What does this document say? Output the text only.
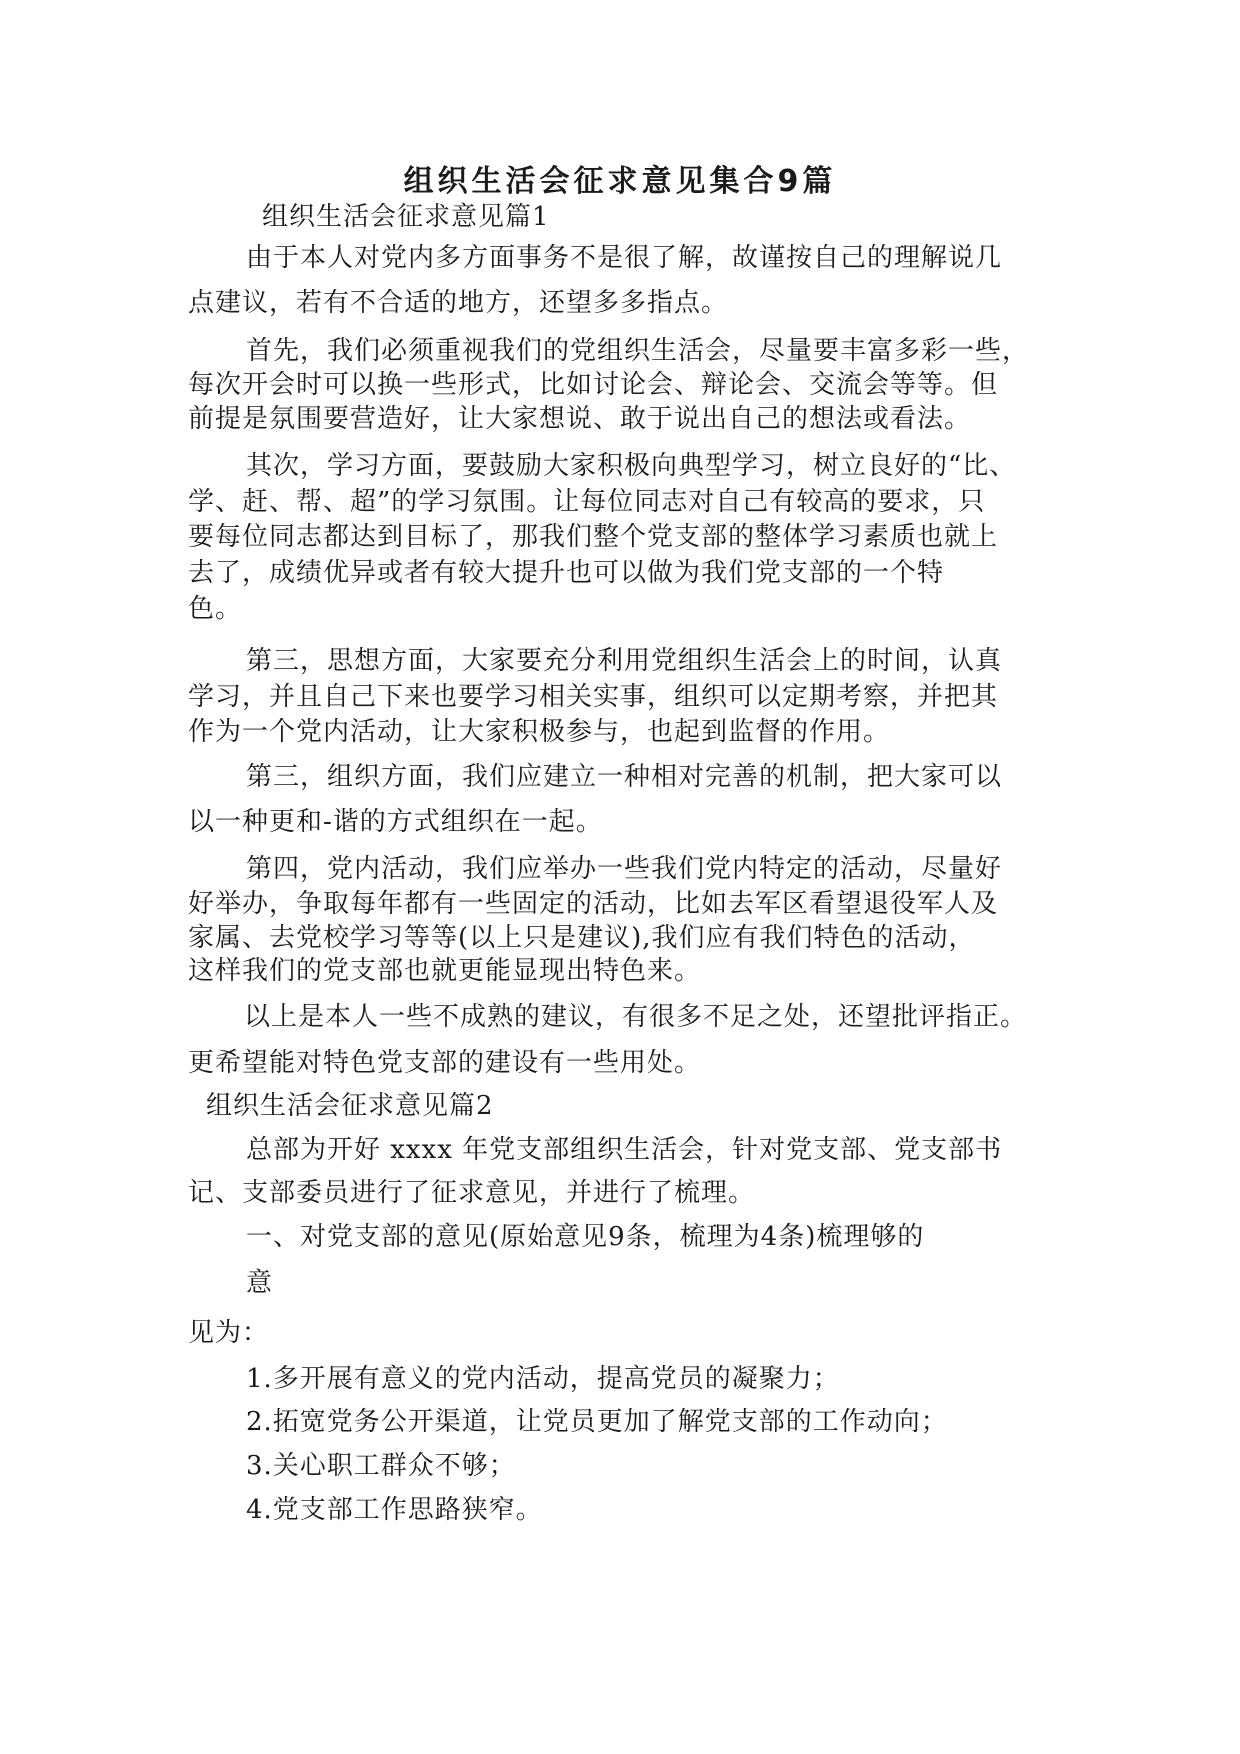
组织生活会征求意见集合9篇
组织生活会征求意见篇1
由于本人对党内多方面事务不是很了解，故谨按自己的理解说几
点建议，若有不合适的地方，还望多多指点。
首先，我们必须重视我们的党组织生活会，尽量要丰富多彩一些，
每次开会时可以换一些形式，比如讨论会、辩论会、交流会等等。但
前提是氛围要营造好，让大家想说、敢于说出自己的想法或看法。
其次，学习方面，要鼓励大家积极向典型学习，树立良好的“比、
学、赶、帮、超”的学习氛围。让每位同志对自己有较高的要求，只
要每位同志都达到目标了，那我们整个党支部的整体学习素质也就上
去了，成绩优异或者有较大提升也可以做为我们党支部的一个特
色。
第三，思想方面，大家要充分利用党组织生活会上的时间，认真
学习，并且自己下来也要学习相关实事，组织可以定期考察，并把其
作为一个党内活动，让大家积极参与，也起到监督的作用。
第三，组织方面，我们应建立一种相对完善的机制，把大家可以
以一种更和-谐的方式组织在一起。
第四，党内活动，我们应举办一些我们党内特定的活动，尽量好
好举办，争取每年都有一些固定的活动，比如去军区看望退役军人及
家属、去党校学习等等(以上只是建议),我们应有我们特色的活动，
这样我们的党支部也就更能显现出特色来。
以上是本人一些不成熟的建议，有很多不足之处，还望批评指正。
更希望能对特色党支部的建设有一些用处。
组织生活会征求意见篇2
总部为开好 xxxx 年党支部组织生活会，针对党支部、党支部书
记、支部委员进行了征求意见，并进行了梳理。
一、对党支部的意见(原始意见9条，梳理为4条)梳理够的
意
见为：
1.多开展有意义的党内活动，提高党员的凝聚力；
2.拓宽党务公开渠道，让党员更加了解党支部的工作动向；
3.关心职工群众不够；
4.党支部工作思路狭窄。
